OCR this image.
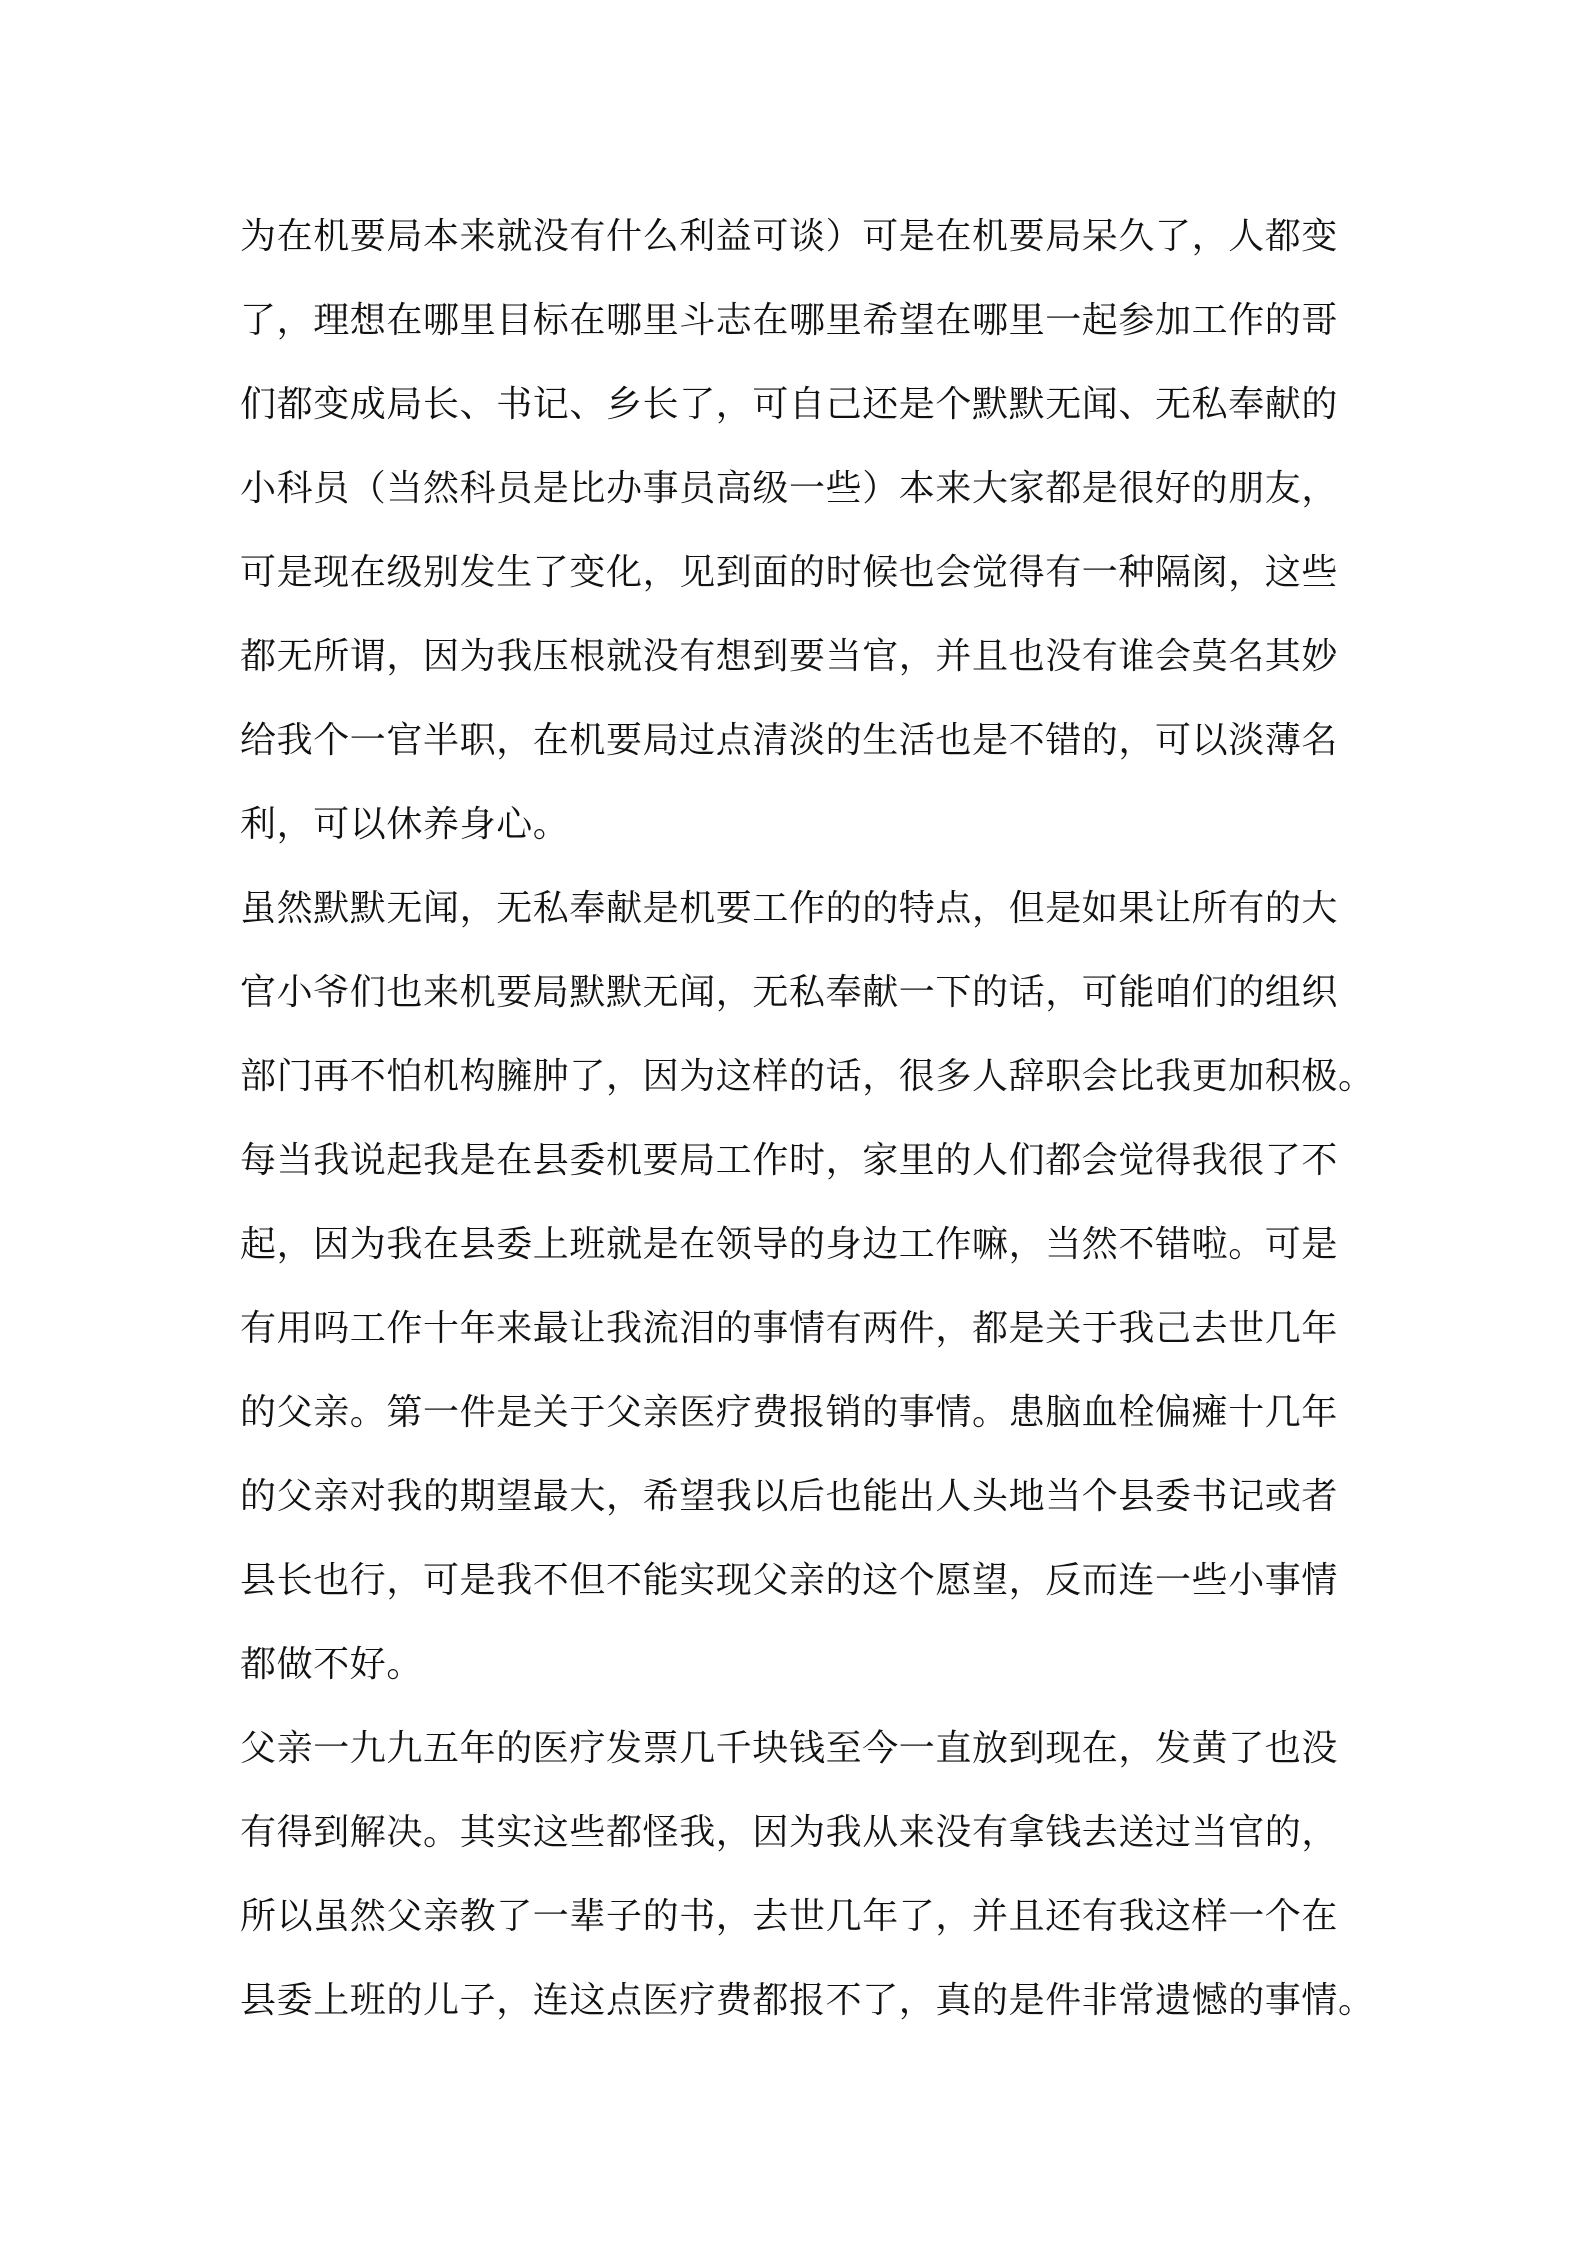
为在机要局本来就没有什么利益可谈）可是在机要局呆久了，人都变
了，理想在哪里目标在哪里斗志在哪里希望在哪里一起参加工作的哥
们都变成局长、书记、乡长了，可自己还是个默默无闻、无私奉献的
小科员（当然科员是比办事员高级一些）本来大家都是很好的朋友，
可是现在级别发生了变化，见到面的时候也会觉得有一种隔阂，这些
都无所谓，因为我压根就没有想到要当官，并且也没有谁会莫名其妙
给我个一官半职，在机要局过点清淡的生活也是不错的，可以淡薄名
利，可以休养身心。
虽然默默无闻，无私奉献是机要工作的的特点，但是如果让所有的大
官小爷们也来机要局默默无闻，无私奉献一下的话，可能咱们的组织
部门再不怕机构臃肿了，因为这样的话，很多人辞职会比我更加积极。
每当我说起我是在县委机要局工作时，家里的人们都会觉得我很了不
起，因为我在县委上班就是在领导的身边工作嘛，当然不错啦。可是
有用吗工作十年来最让我流泪的事情有两件，都是关于我己去世几年
的父亲。第一件是关于父亲医疗费报销的事情。患脑血栓偏瘫十几年
的父亲对我的期望最大，希望我以后也能出人头地当个县委书记或者
县长也行，可是我不但不能实现父亲的这个愿望，反而连一些小事情
都做不好。
父亲一九九五年的医疗发票几千块钱至今一直放到现在，发黄了也没
有得到解决。其实这些都怪我，因为我从来没有拿钱去送过当官的，
所以虽然父亲教了一辈子的书，去世几年了，并且还有我这样一个在
县委上班的儿子，连这点医疗费都报不了，真的是件非常遗憾的事情。
